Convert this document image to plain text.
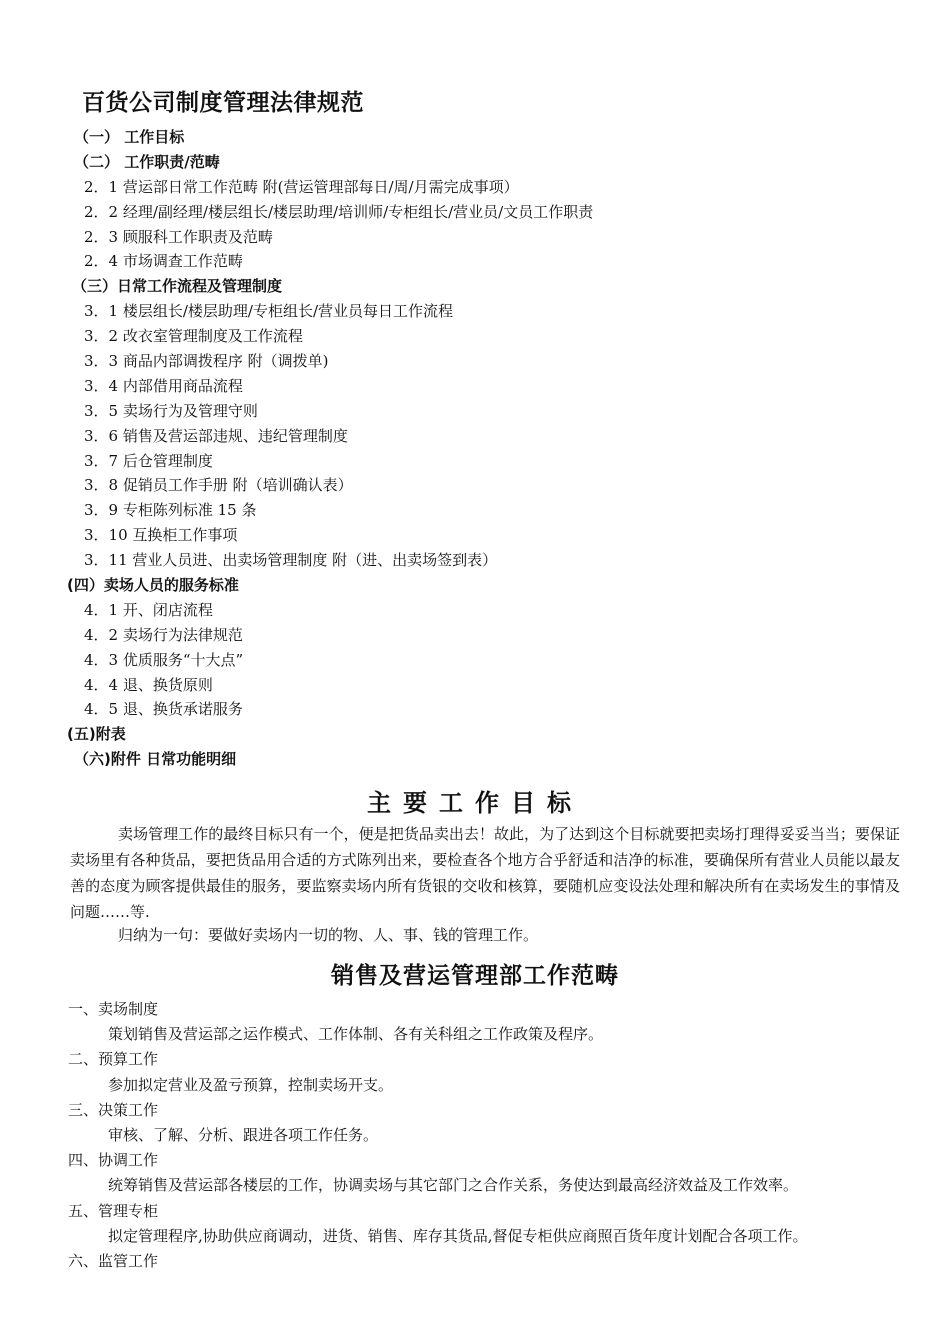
百货公司制度管理法律规范
（一） 工作目标
（二） 工作职责/范畴
2．1 营运部日常工作范畴 附(营运管理部每日/周/月需完成事项）
2．2 经理/副经理/楼层组长/楼层助理/培训师/专柜组长/营业员/文员工作职责
2．3 顾服科工作职责及范畴
2．4 市场调查工作范畴
（三）日常工作流程及管理制度
3．1 楼层组长/楼层助理/专柜组长/营业员每日工作流程
3．2 改衣室管理制度及工作流程
3．3 商品内部调拨程序 附（调拨单)
3．4 内部借用商品流程
3．5 卖场行为及管理守则
3．6 销售及营运部违规、违纪管理制度
3．7 后仓管理制度
3．8 促销员工作手册 附（培训确认表）
3．9 专柜陈列标准 15 条
3．10 互换柜工作事项
3．11 营业人员进、出卖场管理制度 附（进、出卖场签到表）
(四）卖场人员的服务标准
4．1 开、闭店流程
4．2 卖场行为法律规范
4．3 优质服务“十大点”
4．4 退、换货原则
4．5 退、换货承诺服务
(五)附表
（六)附件 日常功能明细
主要工作目标
卖场管理工作的最终目标只有一个，便是把货品卖出去！故此，为了达到这个目标就要把卖场打理得妥妥当当；要保证卖场里有各种货品，要把货品用合适的方式陈列出来，要检查各个地方合乎舒适和洁净的标准，要确保所有营业人员能以最友善的态度为顾客提供最佳的服务，要监察卖场内所有货银的交收和核算，要随机应变设法处理和解决所有在卖场发生的事情及问题……等.
归纳为一句：要做好卖场内一切的物、人、事、钱的管理工作。
销售及营运管理部工作范畴
一、卖场制度
策划销售及营运部之运作模式、工作体制、各有关科组之工作政策及程序。
二、预算工作
参加拟定营业及盈亏预算，控制卖场开支。
三、决策工作
审核、了解、分析、跟进各项工作任务。
四、协调工作
统筹销售及营运部各楼层的工作，协调卖场与其它部门之合作关系，务使达到最高经济效益及工作效率。
五、管理专柜
拟定管理程序,协助供应商调动，进货、销售、库存其货品,督促专柜供应商照百货年度计划配合各项工作。
六、监管工作
